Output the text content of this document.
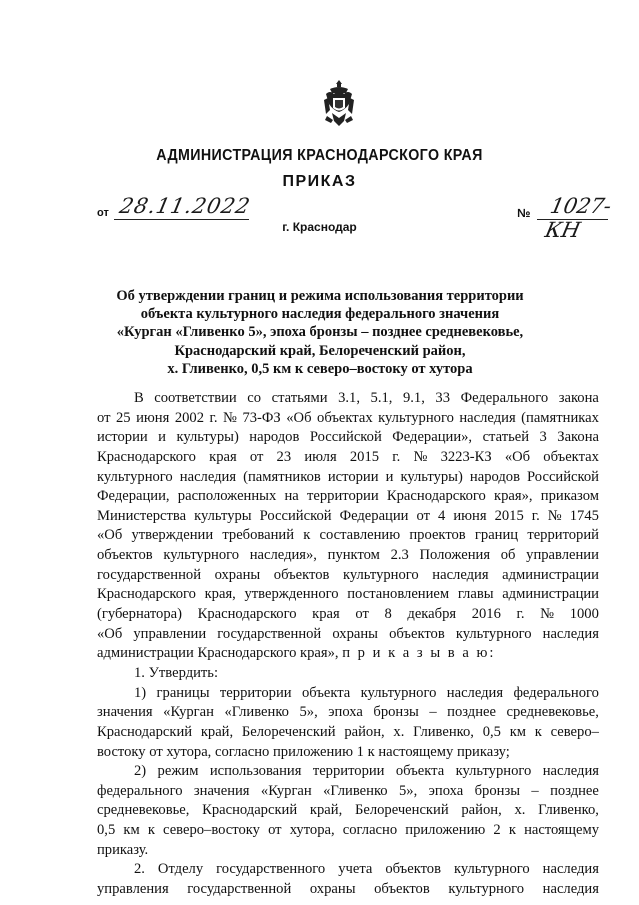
АДМИНИСТРАЦИЯ КРАСНОДАРСКОГО КРАЯ
ПРИКАЗ
от 28.11.2022	№ 1027-КН
г. Краснодар
Об утверждении границ и режима использования территории
объекта культурного наследия федерального значения
«Курган «Гливенко 5», эпоха бронзы – позднее средневековье,
Краснодарский край, Белореченский район,
х. Гливенко, 0,5 км к северо–востоку от хутора
В соответствии со статьями 3.1, 5.1, 9.1, 33 Федерального закона
от 25 июня 2002 г. № 73-ФЗ «Об объектах культурного наследия (памятниках
истории и культуры) народов Российской Федерации», статьей 3 Закона
Краснодарского края от 23 июля 2015 г. № 3223-КЗ «Об объектах
культурного наследия (памятников истории и культуры) народов Российской
Федерации, расположенных на территории Краснодарского края», приказом
Министерства культуры Российской Федерации от 4 июня 2015 г. № 1745
«Об утверждении требований к составлению проектов границ территорий
объектов культурного наследия», пунктом 2.3 Положения об управлении
государственной охраны объектов культурного наследия администрации
Краснодарского края, утвержденного постановлением главы администрации
(губернатора) Краснодарского края от 8 декабря 2016 г. № 1000
«Об управлении государственной охраны объектов культурного наследия
администрации Краснодарского края», п р и к а з ы в а ю:
1. Утвердить:
1) границы территории объекта культурного наследия федерального
значения «Курган «Гливенко 5», эпоха бронзы – позднее средневековье,
Краснодарский край, Белореченский район, х. Гливенко, 0,5 км к северо–
востоку от хутора, согласно приложению 1 к настоящему приказу;
2) режим использования территории объекта культурного наследия
федерального значения «Курган «Гливенко 5», эпоха бронзы – позднее
средневековье, Краснодарский край, Белореченский район, х. Гливенко,
0,5 км к северо–востоку от хутора, согласно приложению 2 к настоящему
приказу.
2. Отделу государственного учета объектов культурного наследия
управления государственной охраны объектов культурного наследия
